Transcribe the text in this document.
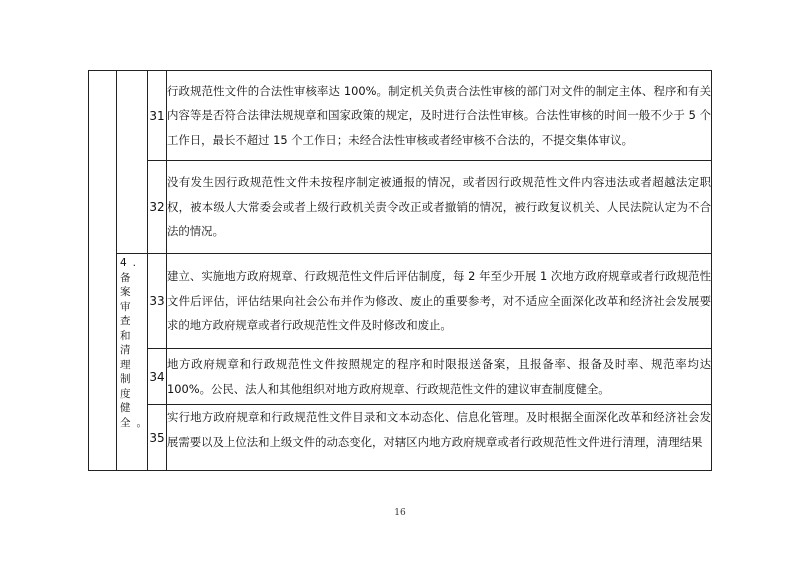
		31	行政规范性文件的合法性审核率达 100%。制定机关负责合法性审核的部门对文件的制定主体、程序和有关内容等是否符合法律法规规章和国家政策的规定，及时进行合法性审核。合法性审核的时间一般不少于 5 个工作日，最长不超过 15 个工作日；未经合法性审核或者经审核不合法的，不提交集体审议。
		32	没有发生因行政规范性文件未按程序制定被通报的情况，或者因行政规范性文件内容违法或者超越法定职权，被本级人大常委会或者上级行政机关责令改正或者撤销的情况，被行政复议机关、人民法院认定为不合法的情况。

	4. 备案审查和清理制度健全。	33	建立、实施地方政府规章、行政规范性文件后评估制度，每 2 年至少开展 1 次地方政府规章或者行政规范性文件后评估，评估结果向社会公布并作为修改、废止的重要参考，对不适应全面深化改革和经济社会发展要求的地方政府规章或者行政规范性文件及时修改和废止。
		34	地方政府规章和行政规范性文件按照规定的程序和时限报送备案，且报备率、报备及时率、规范率均达 100%。公民、法人和其他组织对地方政府规章、行政规范性文件的建议审查制度健全。
		35	实行地方政府规章和行政规范性文件目录和文本动态化、信息化管理。及时根据全面深化改革和经济社会发展需要以及上位法和上级文件的动态变化，对辖区内地方政府规章或者行政规范性文件进行清理，清理结果
16
